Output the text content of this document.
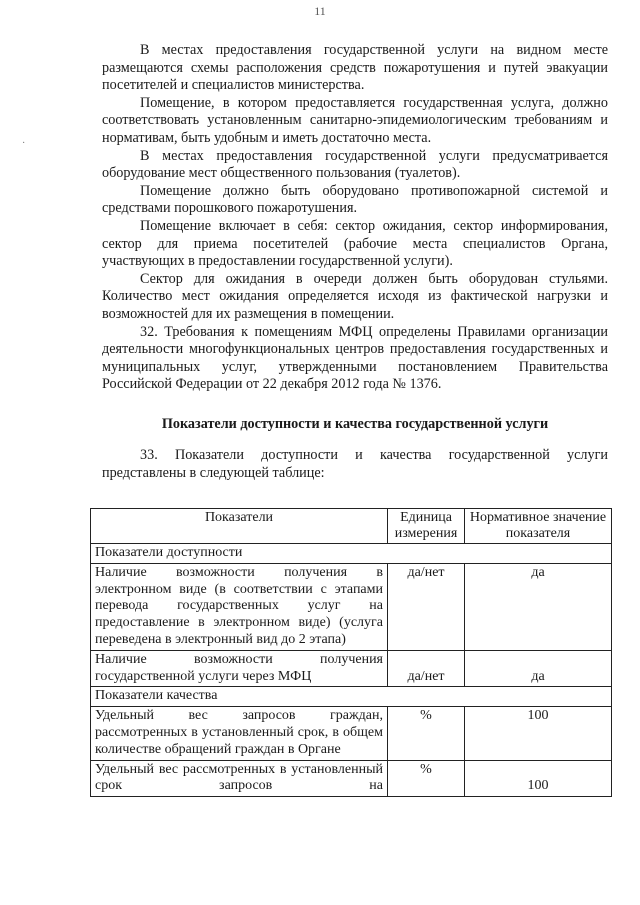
11
·

В местах предоставления государственной услуги на видном месте размещаются схемы расположения средств пожаротушения и путей эвакуации посетителей и специалистов министерства.

Помещение, в котором предоставляется государственная услуга, должно соответствовать установленным санитарно-эпидемиологическим требованиям и нормативам, быть удобным и иметь достаточно места.

В местах предоставления государственной услуги предусматривается оборудование мест общественного пользования (туалетов).

Помещение должно быть оборудовано противопожарной системой и средствами порошкового пожаротушения.

Помещение включает в себя: сектор ожидания, сектор информирования, сектор для приема посетителей (рабочие места специалистов Органа, участвующих в предоставлении государственной услуги).

Сектор для ожидания в очереди должен быть оборудован стульями. Количество мест ожидания определяется исходя из фактической нагрузки и возможностей для их размещения в помещении.

32. Требования к помещениям МФЦ определены Правилами организации деятельности многофункциональных центров предоставления государственных и муниципальных услуг, утвержденными постановлением Правительства Российской Федерации от 22 декабря 2012 года № 1376.

Показатели доступности и качества государственной услуги

33. Показатели доступности и качества государственной услуги представлены в следующей таблице:

Показатели	Единица измерения	Нормативное значение показателя
Показатели доступности		
Наличие возможности получения в электронном виде (в соответствии с этапами перевода государственных услуг на предоставление в электронном виде) (услуга переведена в электронный вид до 2 этапа)	да/нет	да
Наличие возможности получения государственной услуги через МФЦ	да/нет	да
Показатели качества		
Удельный вес запросов граждан, рассмотренных в установленный срок, в общем количестве обращений граждан в Органе	%	100
Удельный вес рассмотренных в установленный срок запросов на	%	100
